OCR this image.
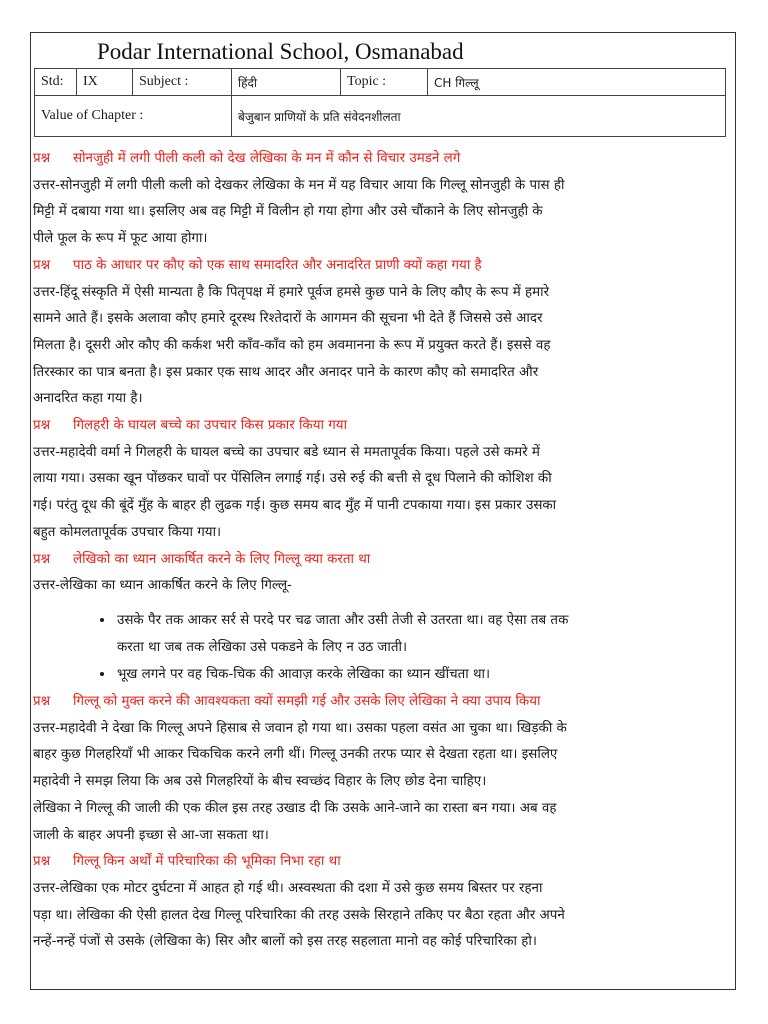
Podar International School, Osmanabad
Std:	IX	Subject :	हिंदी	Topic :	CH गिल्लू
Value of Chapter :			बेजुबान प्राणियों के प्रति संवेदनशीलता		

प्रश्न सोनजुही में लगी पीली कली को देख लेखिका के मन में कौन से विचार उमडने लगे

उत्तर-सोनजुही में लगी पीली कली को देखकर लेखिका के मन में यह विचार आया कि गिल्लू सोनजुही के पास ही

मिट्टी में दबाया गया था। इसलिए अब वह मिट्टी में विलीन हो गया होगा और उसे चौंकाने के लिए सोनजुही के

पीले फूल के रूप में फूट आया होगा।

प्रश्न पाठ के आधार पर कौए को एक साथ समादरित और अनादरित प्राणी क्यों कहा गया है

उत्तर-हिंदू संस्कृति में ऐसी मान्यता है कि पितृपक्ष में हमारे पूर्वज हमसे कुछ पाने के लिए कौए के रूप में हमारे

सामने आते हैं। इसके अलावा कौए हमारे दूरस्थ रिश्तेदारों के आगमन की सूचना भी देते हैं जिससे उसे आदर

मिलता है। दूसरी ओर कौए की कर्कश भरी काँव-काँव को हम अवमानना के रूप में प्रयुक्त करते हैं। इससे वह

तिरस्कार का पात्र बनता है। इस प्रकार एक साथ आदर और अनादर पाने के कारण कौए को समादरित और

अनादरित कहा गया है।

प्रश्न गिलहरी के घायल बच्चे का उपचार किस प्रकार किया गया

उत्तर-महादेवी वर्मा ने गिलहरी के घायल बच्चे का उपचार बडे ध्यान से ममतापूर्वक किया। पहले उसे कमरे में

लाया गया। उसका खून पोंछकर घावों पर पेंसिलिन लगाई गई। उसे रुई की बत्ती से दूध पिलाने की कोशिश की

गई। परंतु दूध की बूंदें मुँह के बाहर ही लुढक गई। कुछ समय बाद मुँह में पानी टपकाया गया। इस प्रकार उसका

बहुत कोमलतापूर्वक उपचार किया गया।

प्रश्न लेखिको का ध्यान आकर्षित करने के लिए गिल्लू क्या करता था

उत्तर-लेखिका का ध्यान आकर्षित करने के लिए गिल्लू-

• उसके पैर तक आकर सर्र से परदे पर चढ जाता और उसी तेजी से उतरता था। वह ऐसा तब तक
करता था जब तक लेखिका उसे पकडने के लिए न उठ जाती।
• भूख लगने पर वह चिक-चिक की आवाज़ करके लेखिका का ध्यान खींचता था।

प्रश्न गिल्लू को मुक्त करने की आवश्यकता क्यों समझी गई और उसके लिए लेखिका ने क्या उपाय किया

उत्तर-महादेवी ने देखा कि गिल्लू अपने हिसाब से जवान हो गया था। उसका पहला वसंत आ चुका था। खिड़की के

बाहर कुछ गिलहरियाँ भी आकर चिकचिक करने लगी थीं। गिल्लू उनकी तरफ प्यार से देखता रहता था। इसलिए

महादेवी ने समझ लिया कि अब उसे गिलहरियों के बीच स्वच्छंद विहार के लिए छोड देना चाहिए।

लेखिका ने गिल्लू की जाली की एक कील इस तरह उखाड दी कि उसके आने-जाने का रास्ता बन गया। अब वह

जाली के बाहर अपनी इच्छा से आ-जा सकता था।

प्रश्न गिल्लू किन अर्थों में परिचारिका की भूमिका निभा रहा था

उत्तर-लेखिका एक मोटर दुर्घटना में आहत हो गई थी। अस्वस्थता की दशा में उसे कुछ समय बिस्तर पर रहना

पड़ा था। लेखिका की ऐसी हालत देख गिल्लू परिचारिका की तरह उसके सिरहाने तकिए पर बैठा रहता और अपने

नन्हें-नन्हें पंजों से उसके (लेखिका के) सिर और बालों को इस तरह सहलाता मानो वह कोई परिचारिका हो।
